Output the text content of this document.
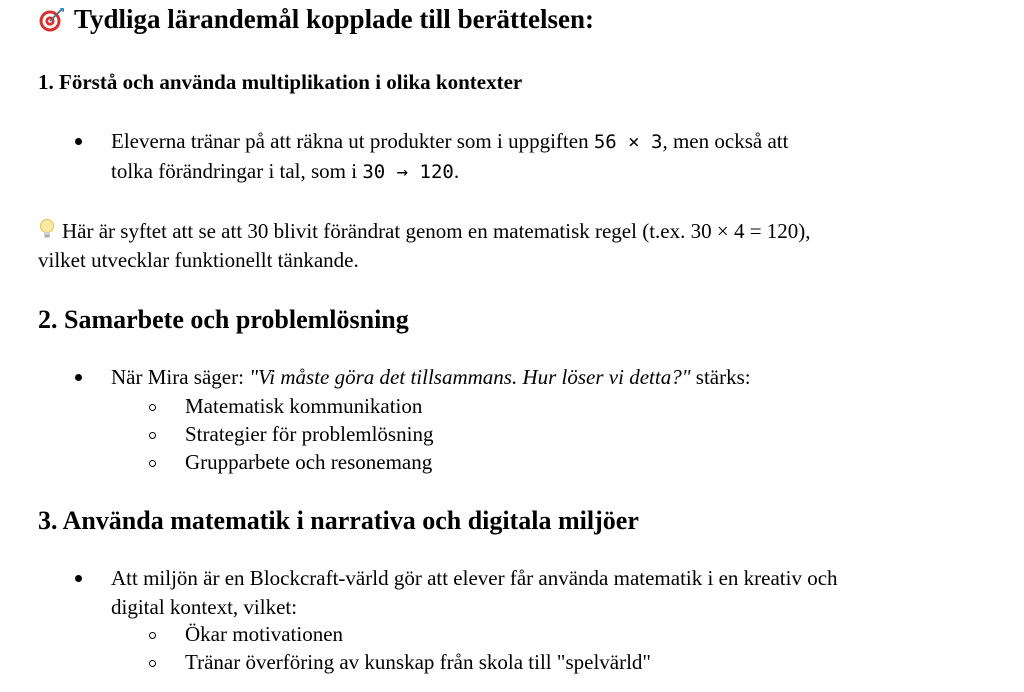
Tydliga lärandemål kopplade till berättelsen:
1. Förstå och använda multiplikation i olika kontexter
Eleverna tränar på att räkna ut produkter som i uppgiften 56 × 3, men också att
tolka förändringar i tal, som i 30 → 120.
Här är syftet att se att 30 blivit förändrat genom en matematisk regel (t.ex. 30 × 4 = 120),
vilket utvecklar funktionellt tänkande.
2. Samarbete och problemlösning
När Mira säger: "Vi måste göra det tillsammans. Hur löser vi detta?" stärks:
Matematisk kommunikation
Strategier för problemlösning
Grupparbete och resonemang
3. Använda matematik i narrativa och digitala miljöer
Att miljön är en Blockcraft-värld gör att elever får använda matematik i en kreativ och
digital kontext, vilket:
Ökar motivationen
Tränar överföring av kunskap från skola till "spelvärld"
